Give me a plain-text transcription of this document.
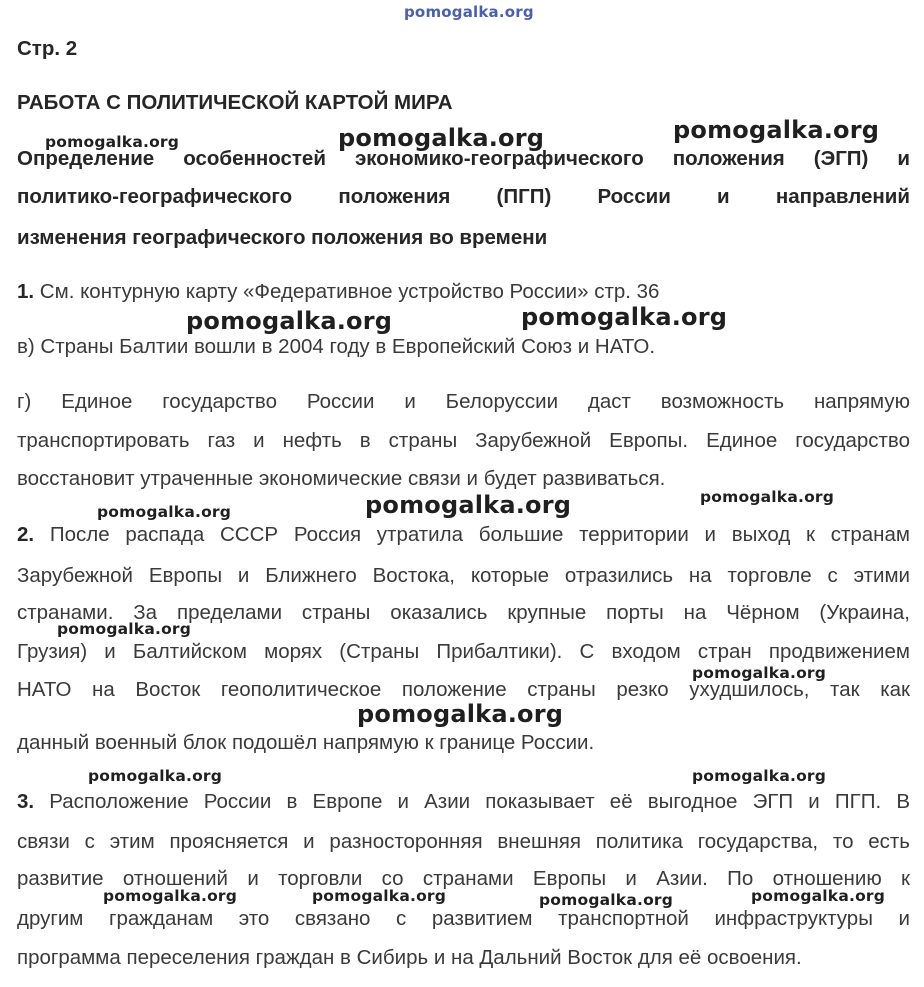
Стр. 2

РАБОТА С ПОЛИТИЧЕСКОЙ КАРТОЙ МИРА

Определение особенностей экономико-географического положения (ЭГП) и

политико-географического положения (ПГП) России и направлений

изменения географического положения во времени

1. См. контурную карту «Федеративное устройство России» стр. 36

в) Страны Балтии вошли в 2004 году в Европейский Союз и НАТО.

г) Единое государство России и Белоруссии даст возможность напрямую

транспортировать газ и нефть в страны Зарубежной Европы. Единое государство

восстановит утраченные экономические связи и будет развиваться.

2. После распада СССР Россия утратила большие территории и выход к странам

Зарубежной Европы и Ближнего Востока, которые отразились на торговле с этими

странами. За пределами страны оказались крупные порты на Чёрном (Украина,

Грузия) и Балтийском морях (Страны Прибалтики). С входом стран продвижением

НАТО на Восток геополитическое положение страны резко ухудшилось, так как

данный военный блок подошёл напрямую к границе России.

3. Расположение России в Европе и Азии показывает её выгодное ЭГП и ПГП. В

связи с этим проясняется и разносторонняя внешняя политика государства, то есть

развитие отношений и торговли со странами Европы и Азии. По отношению к

другим гражданам это связано с развитием транспортной инфраструктуры и

программа переселения граждан в Сибирь и на Дальний Восток для её освоения.

pomogalka.org

pomogalka.org	pomogalka.org	pomogalka.org

pomogalka.org	pomogalka.org

pomogalka.org	pomogalka.org	pomogalka.org

pomogalka.org

pomogalka.org

pomogalka.org

pomogalka.org	pomogalka.org

pomogalka.org	pomogalka.org	pomogalka.org	pomogalka.org
